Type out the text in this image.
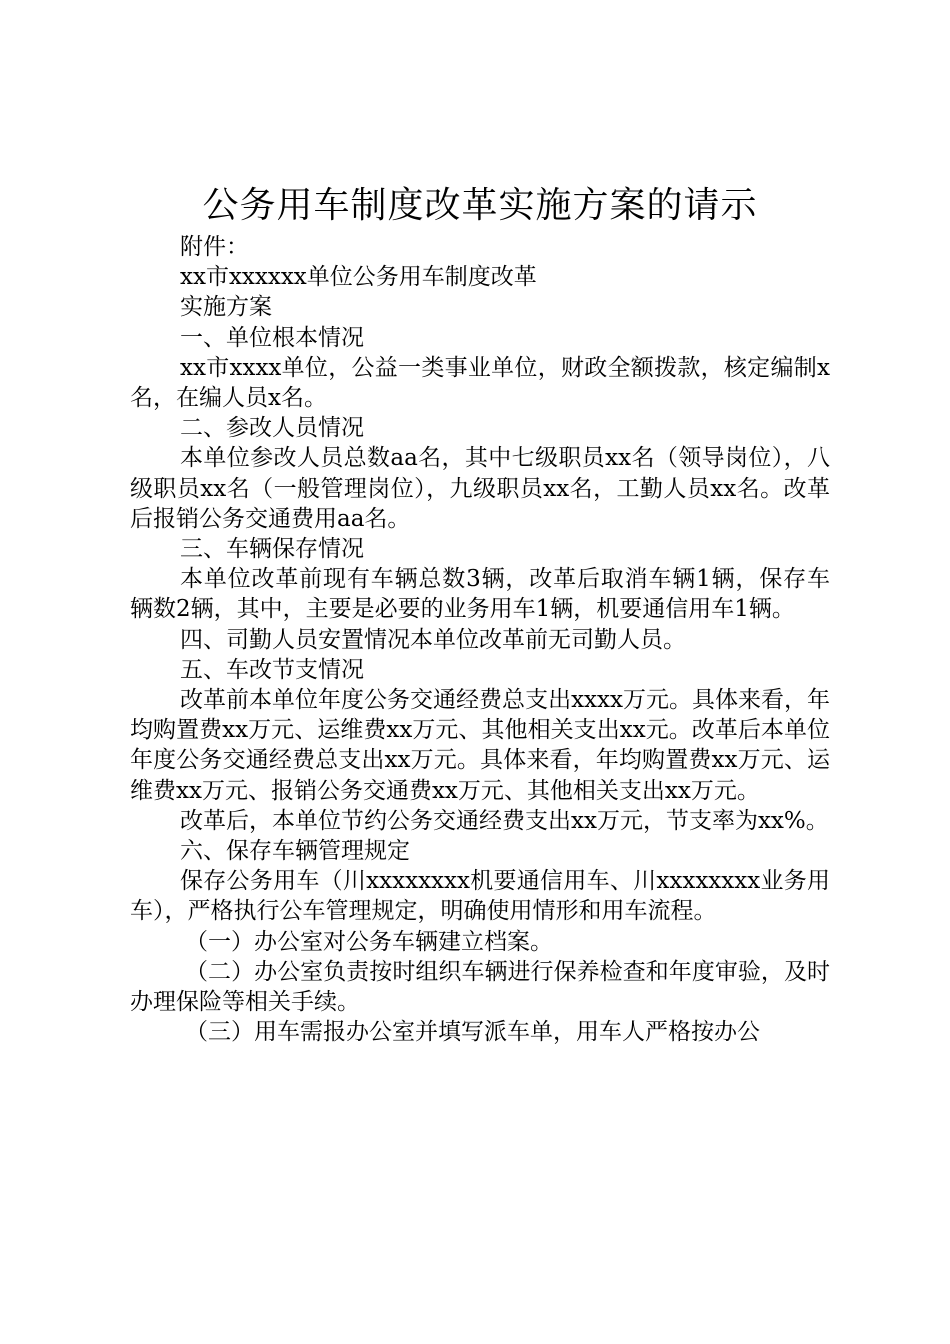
公务用车制度改革实施方案的请示

附件：

xx市xxxxxx单位公务用车制度改革

实施方案

一、单位根本情况

xx市xxxx单位，公益一类事业单位，财政全额拨款，核定编制x名，在编人员x名。

二、参改人员情况

本单位参改人员总数aa名，其中七级职员xx名（领导岗位），八级职员xx名（一般管理岗位），九级职员xx名，工勤人员xx名。改革后报销公务交通费用aa名。

三、车辆保存情况

本单位改革前现有车辆总数3辆，改革后取消车辆1辆，保存车辆数2辆，其中，主要是必要的业务用车1辆，机要通信用车1辆。

四、司勤人员安置情况本单位改革前无司勤人员。

五、车改节支情况

改革前本单位年度公务交通经费总支出xxxx万元。具体来看，年均购置费xx万元、运维费xx万元、其他相关支出xx元。改革后本单位年度公务交通经费总支出xx万元。具体来看，年均购置费xx万元、运维费xx万元、报销公务交通费xx万元、其他相关支出xx万元。

改革后，本单位节约公务交通经费支出xx万元，节支率为xx%。

六、保存车辆管理规定

保存公务用车（川xxxxxxxx机要通信用车、川xxxxxxxx业务用车），严格执行公车管理规定，明确使用情形和用车流程。

（一）办公室对公务车辆建立档案。

（二）办公室负责按时组织车辆进行保养检查和年度审验，及时办理保险等相关手续。

（三）用车需报办公室并填写派车单，用车人严格按办公
